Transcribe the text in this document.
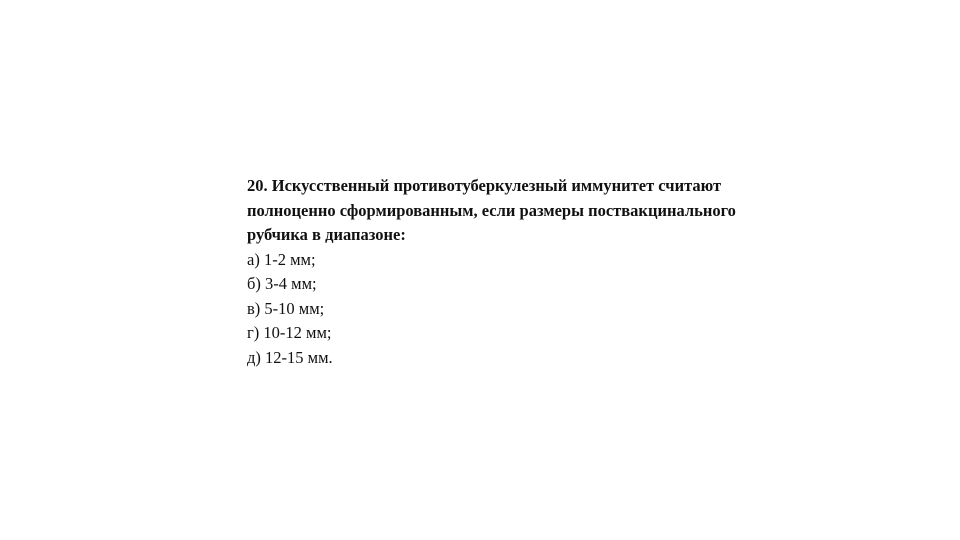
20. Искусственный противотуберкулезный иммунитет считают
полноценно сформированным, если размеры поствакцинального
рубчика в диапазоне:

а) 1-2 мм;
б) 3-4 мм;
в) 5-10 мм;
г) 10-12 мм;
д) 12-15 мм.
